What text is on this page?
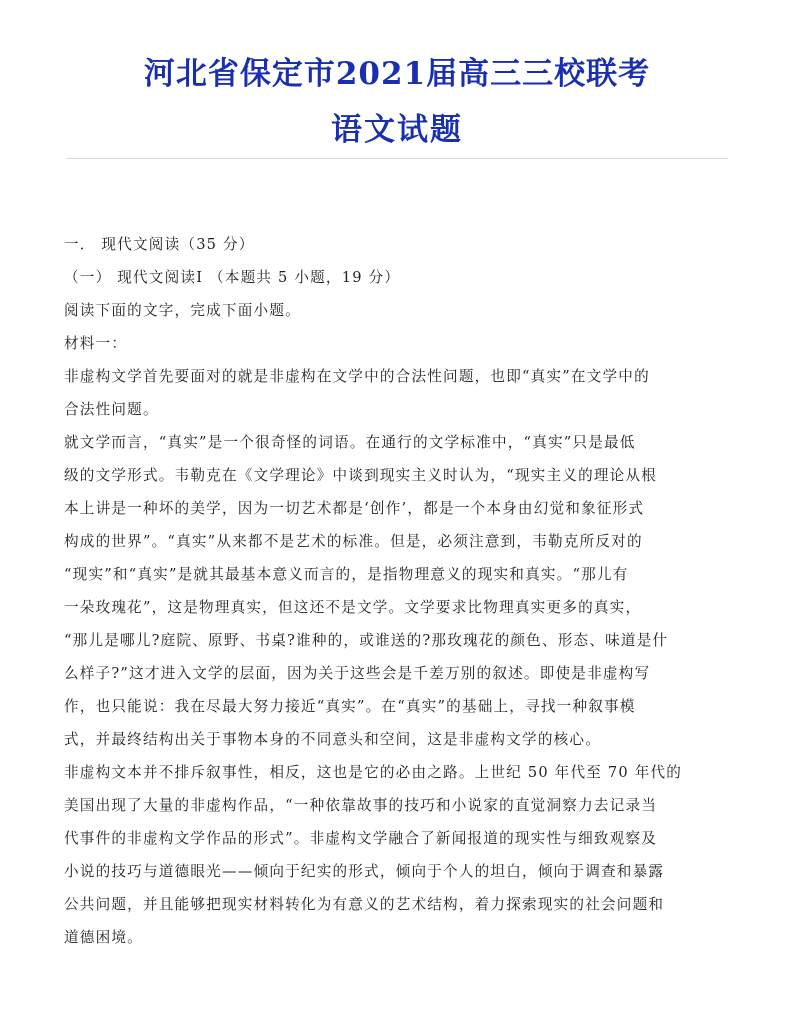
河北省保定市2021届高三三校联考
语文试题
一． 现代文阅读（35 分）
（一） 现代文阅读Ⅰ （本题共 5 小题，19 分）
阅读下面的文字，完成下面小题。
材料一：
非虚构文学首先要面对的就是非虚构在文学中的合法性问题，也即“真实”在文学中的
合法性问题。
就文学而言，“真实”是一个很奇怪的词语。在通行的文学标准中，“真实”只是最低
级的文学形式。韦勒克在《文学理论》中谈到现实主义时认为，“现实主义的理论从根
本上讲是一种坏的美学，因为一切艺术都是‘创作’，都是一个本身由幻觉和象征形式
构成的世界”。“真实”从来都不是艺术的标准。但是，必须注意到，韦勒克所反对的
“现实”和“真实”是就其最基本意义而言的，是指物理意义的现实和真实。“那儿有
一朵玫瑰花”，这是物理真实，但这还不是文学。文学要求比物理真实更多的真实，
“那儿是哪儿?庭院、原野、书桌?谁种的，或谁送的?那玫瑰花的颜色、形态、味道是什
么样子?”这才进入文学的层面，因为关于这些会是千差万别的叙述。即使是非虚构写
作，也只能说：我在尽最大努力接近“真实”。在“真实”的基础上，寻找一种叙事模
式，并最终结构出关于事物本身的不同意头和空间，这是非虚构文学的核心。
非虚构文本并不排斥叙事性，相反，这也是它的必由之路。上世纪 50 年代至 70 年代的
美国出现了大量的非虚构作品，“一种依靠故事的技巧和小说家的直觉洞察力去记录当
代事件的非虚构文学作品的形式”。非虚构文学融合了新闻报道的现实性与细致观察及
小说的技巧与道德眼光——倾向于纪实的形式，倾向于个人的坦白，倾向于调查和暴露
公共问题，并且能够把现实材料转化为有意义的艺术结构，着力探索现实的社会问题和
道德困境。
